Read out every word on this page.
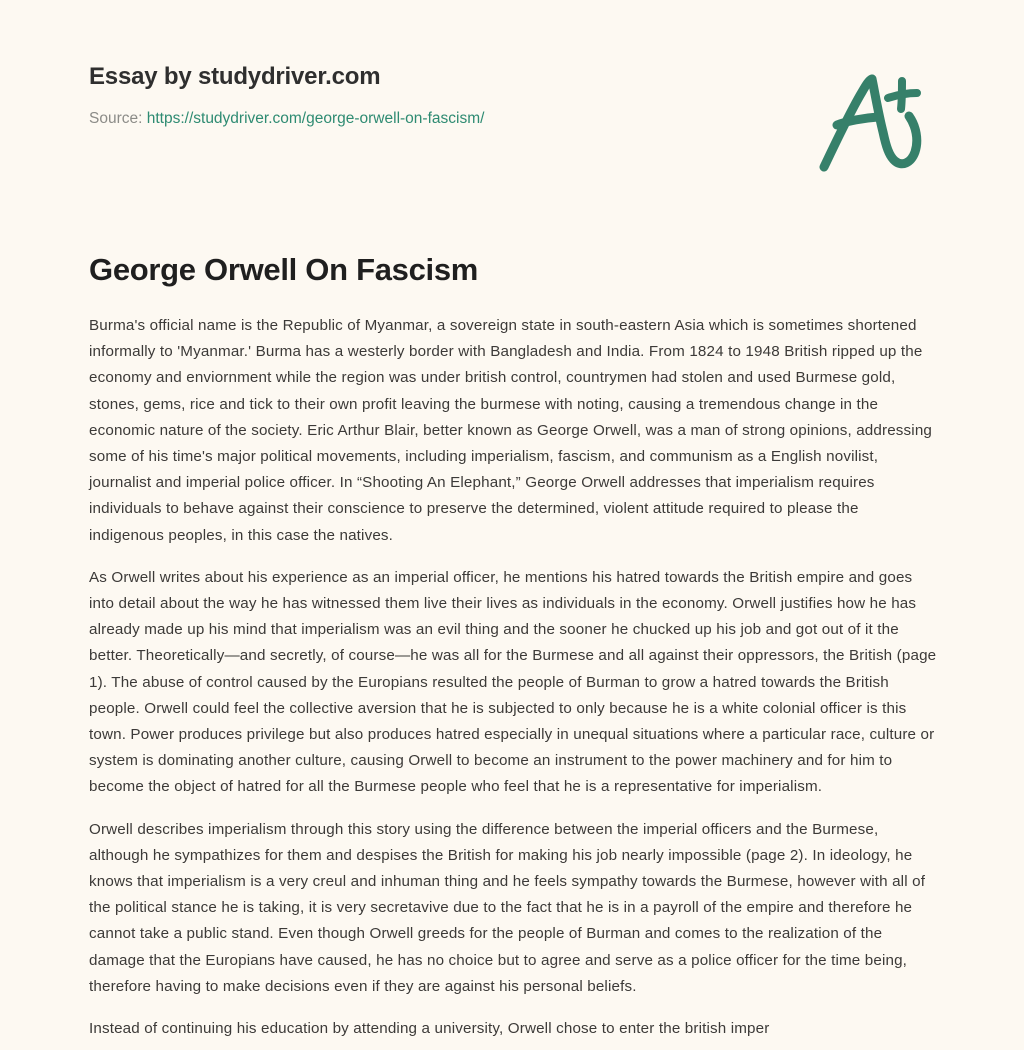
Essay by studydriver.com
Source: https://studydriver.com/george-orwell-on-fascism/
George Orwell On Fascism

Burma's official name is the Republic of Myanmar, a sovereign state in south-eastern Asia which is sometimes shortened informally to 'Myanmar.' Burma has a westerly border with Bangladesh and India. From 1824 to 1948 British ripped up the economy and enviornment while the region was under british control, countrymen had stolen and used Burmese gold, stones, gems, rice and tick to their own profit leaving the burmese with noting, causing a tremendous change in the economic nature of the society. Eric Arthur Blair, better known as George Orwell, was a man of strong opinions, addressing some of his time's major political movements, including imperialism, fascism, and communism as a English novilist, journalist and imperial police officer. In “Shooting An Elephant,” George Orwell addresses that imperialism requires individuals to behave against their conscience to preserve the determined, violent attitude required to please the indigenous peoples, in this case the natives.

As Orwell writes about his experience as an imperial officer, he mentions his hatred towards the British empire and goes into detail about the way he has witnessed them live their lives as individuals in the economy. Orwell justifies how he has already made up his mind that imperialism was an evil thing and the sooner he chucked up his job and got out of it the better. Theoretically—and secretly, of course—he was all for the Burmese and all against their oppressors, the British (page 1). The abuse of control caused by the Europians resulted the people of Burman to grow a hatred towards the British people. Orwell could feel the collective aversion that he is subjected to only because he is a white colonial officer is this town. Power produces privilege but also produces hatred especially in unequal situations where a particular race, culture or system is dominating another culture, causing Orwell to become an instrument to the power machinery and for him to become the object of hatred for all the Burmese people who feel that he is a representative for imperialism.

Orwell describes imperialism through this story using the difference between the imperial officers and the Burmese, although he sympathizes for them and despises the British for making his job nearly impossible (page 2). In ideology, he knows that imperialism is a very creul and inhuman thing and he feels sympathy towards the Burmese, however with all of the political stance he is taking, it is very secretavive due to the fact that he is in a payroll of the empire and therefore he cannot take a public stand. Even though Orwell greeds for the people of Burman and comes to the realization of the damage that the Europians have caused, he has no choice but to agree and serve as a police officer for the time being, therefore having to make decisions even if they are against his personal beliefs.

Instead of continuing his education by attending a university, Orwell chose to enter the british imper
